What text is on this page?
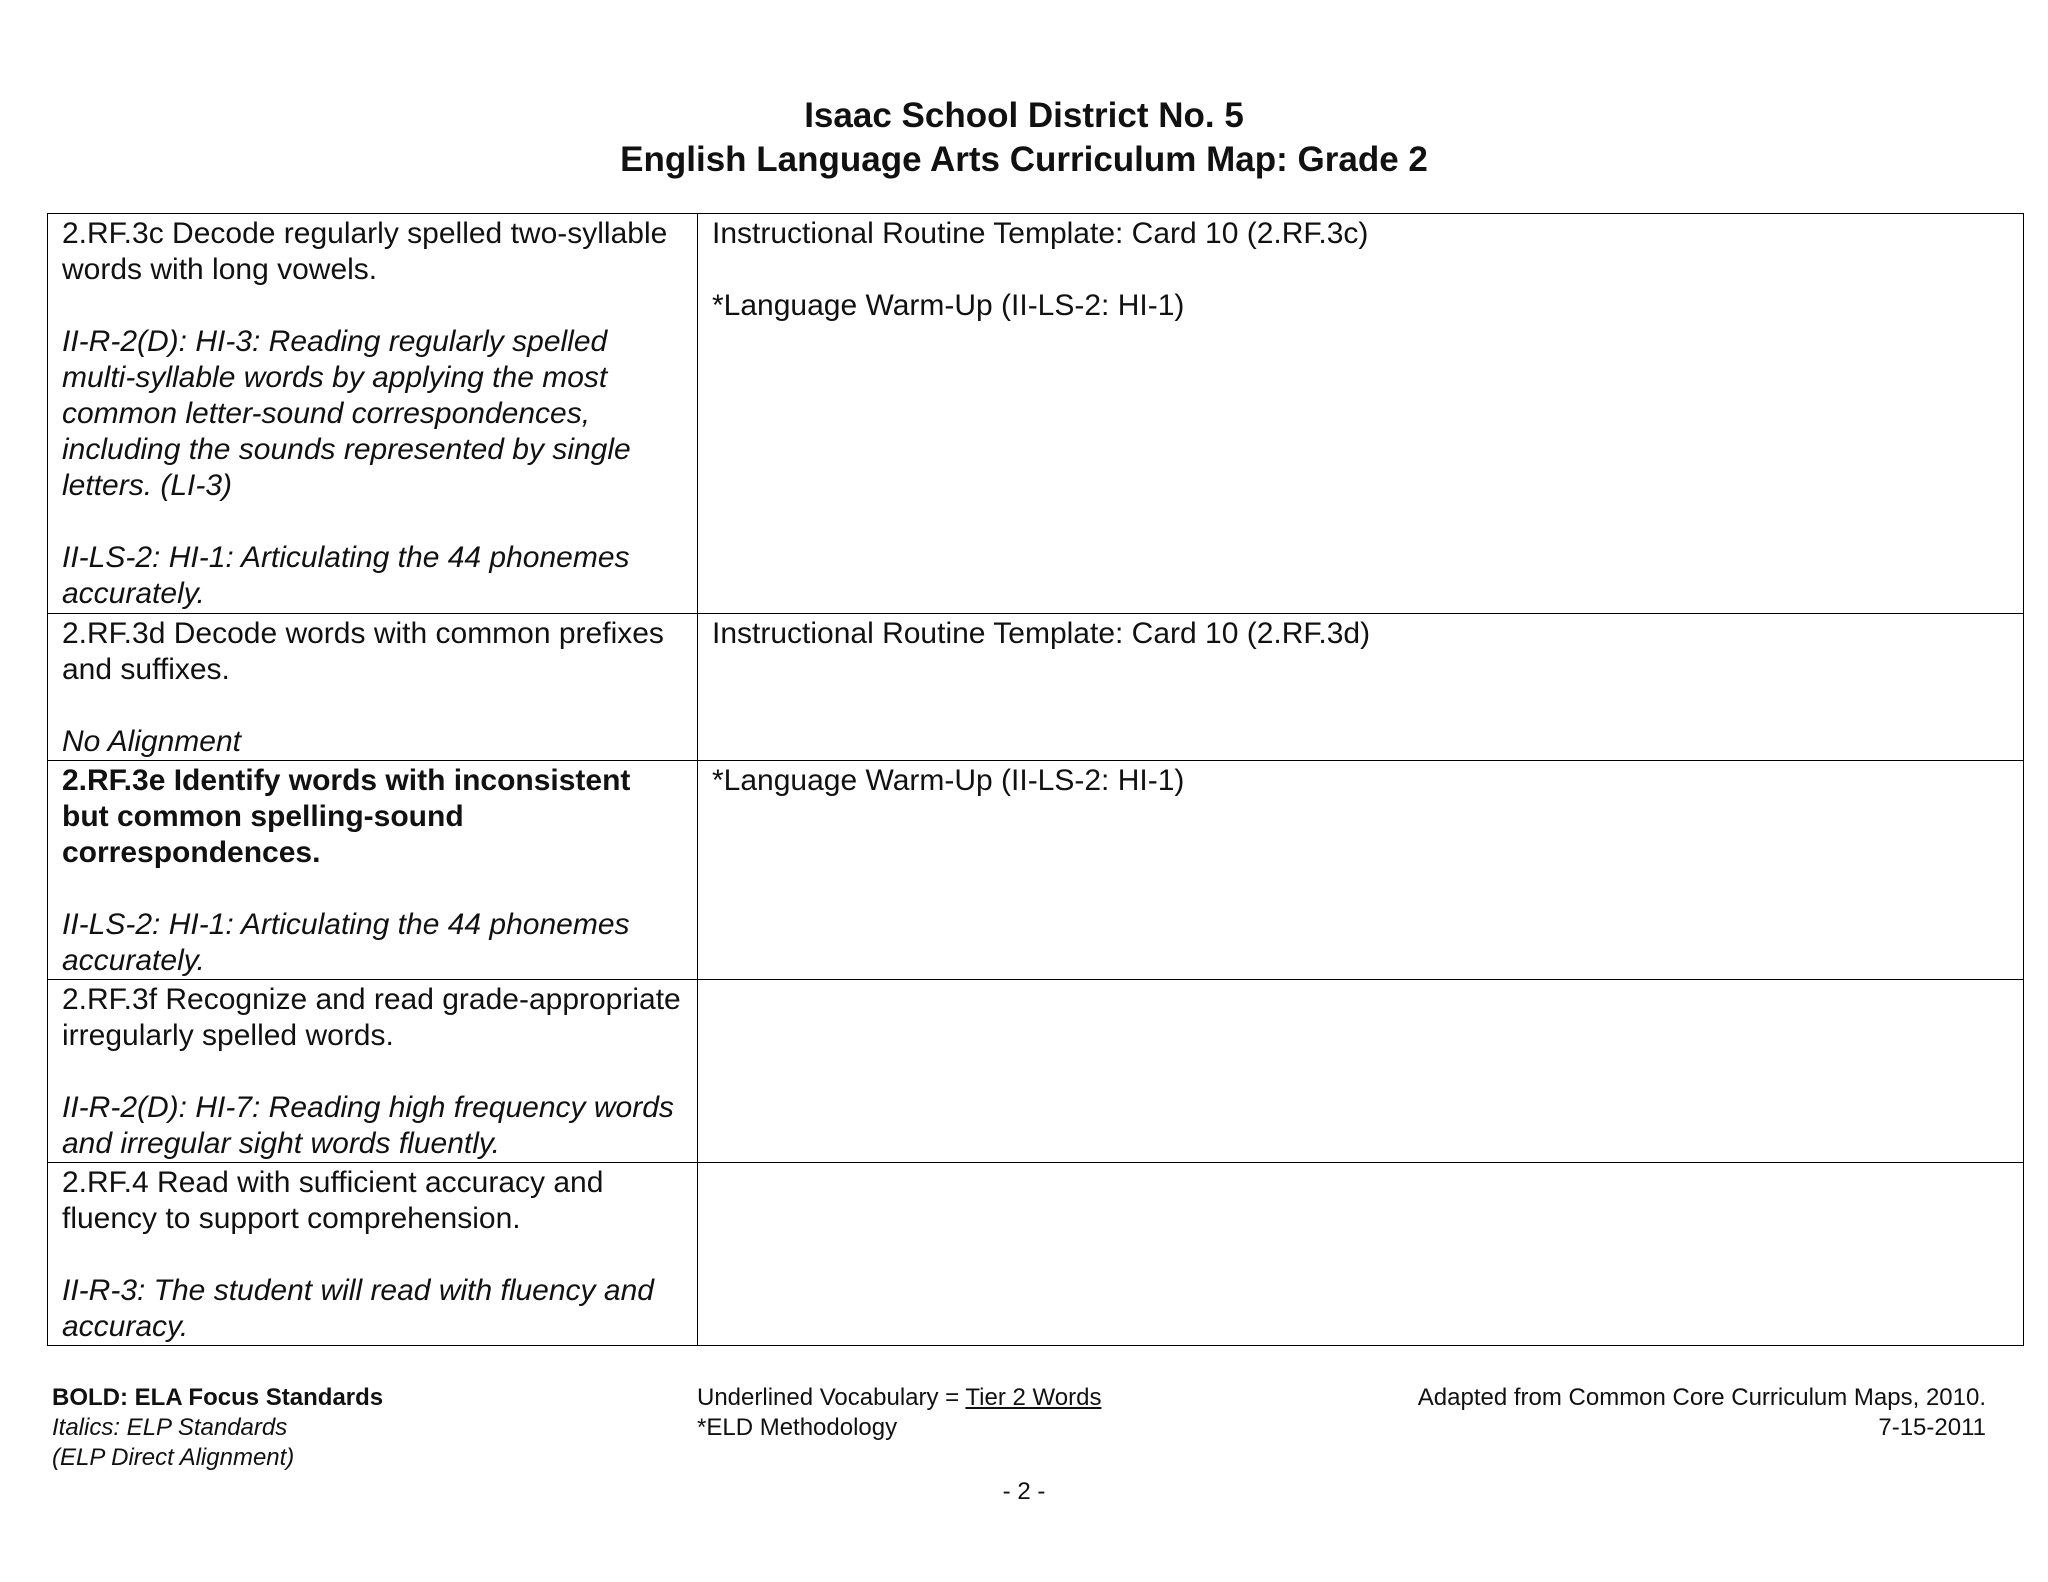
Isaac School District No. 5
English Language Arts Curriculum Map: Grade 2
2.RF.3c Decode regularly spelled two-syllable words with long vowels.
II-R-2(D): HI-3: Reading regularly spelled multi-syllable words by applying the most common letter-sound correspondences, including the sounds represented by single letters. (LI-3)
II-LS-2: HI-1: Articulating the 44 phonemes accurately.	Instructional Routine Template: Card 10 (2.RF.3c)
*Language Warm-Up (II-LS-2: HI-1)

2.RF.3d Decode words with common prefixes and suffixes.
No Alignment	Instructional Routine Template: Card 10 (2.RF.3d)

2.RF.3e Identify words with inconsistent but common spelling-sound correspondences.
II-LS-2: HI-1: Articulating the 44 phonemes accurately.	*Language Warm-Up (II-LS-2: HI-1)

2.RF.3f Recognize and read grade-appropriate irregularly spelled words.
II-R-2(D): HI-7: Reading high frequency words and irregular sight words fluently.	

2.RF.4 Read with sufficient accuracy and fluency to support comprehension.
II-R-3: The student will read with fluency and accuracy.	

BOLD: ELA Focus Standards
Italics: ELP Standards
(ELP Direct Alignment)
Underlined Vocabulary = Tier 2 Words
*ELD Methodology
Adapted from Common Core Curriculum Maps, 2010.
7-15-2011
- 2 -
